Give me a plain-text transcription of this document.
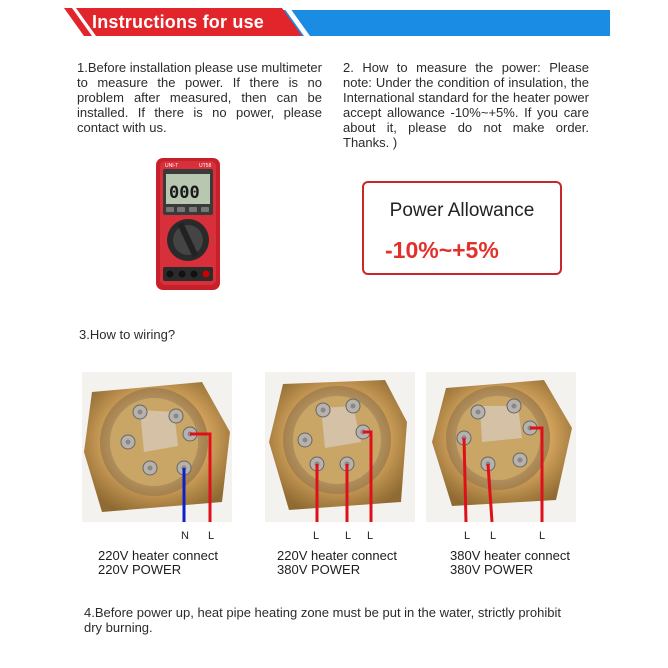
Instructions for use
1.Before installation please use multimeter to measure the power. If there is no problem after measured, then can be installed. If there is no power, please contact with us.
2. How to measure the power: Please note: Under the condition of insulation, the International standard for the heater power accept allowance -10%~+5%. If you care about it, please do not make order. Thanks. )
000
UNI-T	UT58
Power Allowance
-10%~+5%
3.How to wiring?
N L	L L L	L L	L
220V heater connect
220V POWER
220V heater connect
380V POWER
380V heater connect
380V POWER
4.Before power up, heat pipe heating zone must be put in the water, strictly prohibit dry burning.
